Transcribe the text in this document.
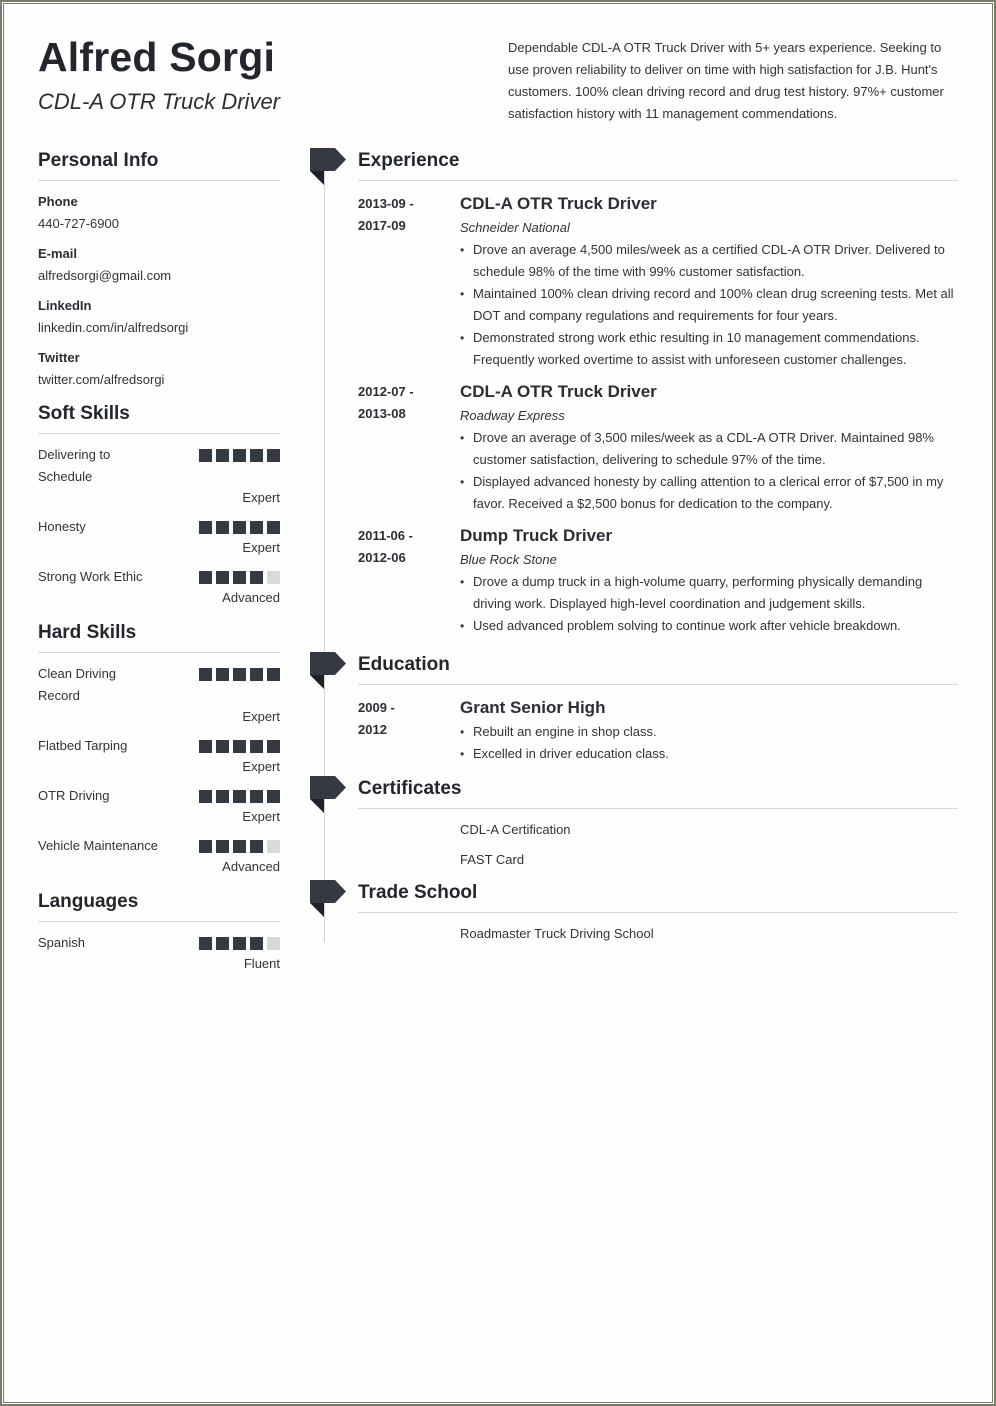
Alfred Sorgi
CDL-A OTR Truck Driver
Dependable CDL-A OTR Truck Driver with 5+ years experience. Seeking to use proven reliability to deliver on time with high satisfaction for J.B. Hunt's customers. 100% clean driving record and drug test history. 97%+ customer satisfaction history with 11 management commendations.
Personal Info
Phone
440-727-6900
E-mail
alfredsorgi@gmail.com
LinkedIn
linkedin.com/in/alfredsorgi
Twitter
twitter.com/alfredsorgi
Soft Skills
Delivering to Schedule
Expert
Honesty
Expert
Strong Work Ethic
Advanced
Hard Skills
Clean Driving Record
Expert
Flatbed Tarping
Expert
OTR Driving
Expert
Vehicle Maintenance
Advanced
Languages
Spanish
Fluent
Experience
2013-09 -
2017-09
CDL-A OTR Truck Driver
Schneider National
• Drove an average 4,500 miles/week as a certified CDL-A OTR Driver. Delivered to schedule 98% of the time with 99% customer satisfaction.
• Maintained 100% clean driving record and 100% clean drug screening tests. Met all DOT and company regulations and requirements for four years.
• Demonstrated strong work ethic resulting in 10 management commendations. Frequently worked overtime to assist with unforeseen customer challenges.
2012-07 -
2013-08
CDL-A OTR Truck Driver
Roadway Express
• Drove an average of 3,500 miles/week as a CDL-A OTR Driver. Maintained 98% customer satisfaction, delivering to schedule 97% of the time.
• Displayed advanced honesty by calling attention to a clerical error of $7,500 in my favor. Received a $2,500 bonus for dedication to the company.
2011-06 -
2012-06
Dump Truck Driver
Blue Rock Stone
• Drove a dump truck in a high-volume quarry, performing physically demanding driving work. Displayed high-level coordination and judgement skills.
• Used advanced problem solving to continue work after vehicle breakdown.
Education
2009 -
2012
Grant Senior High
• Rebuilt an engine in shop class.
• Excelled in driver education class.
Certificates
CDL-A Certification
FAST Card
Trade School
Roadmaster Truck Driving School
